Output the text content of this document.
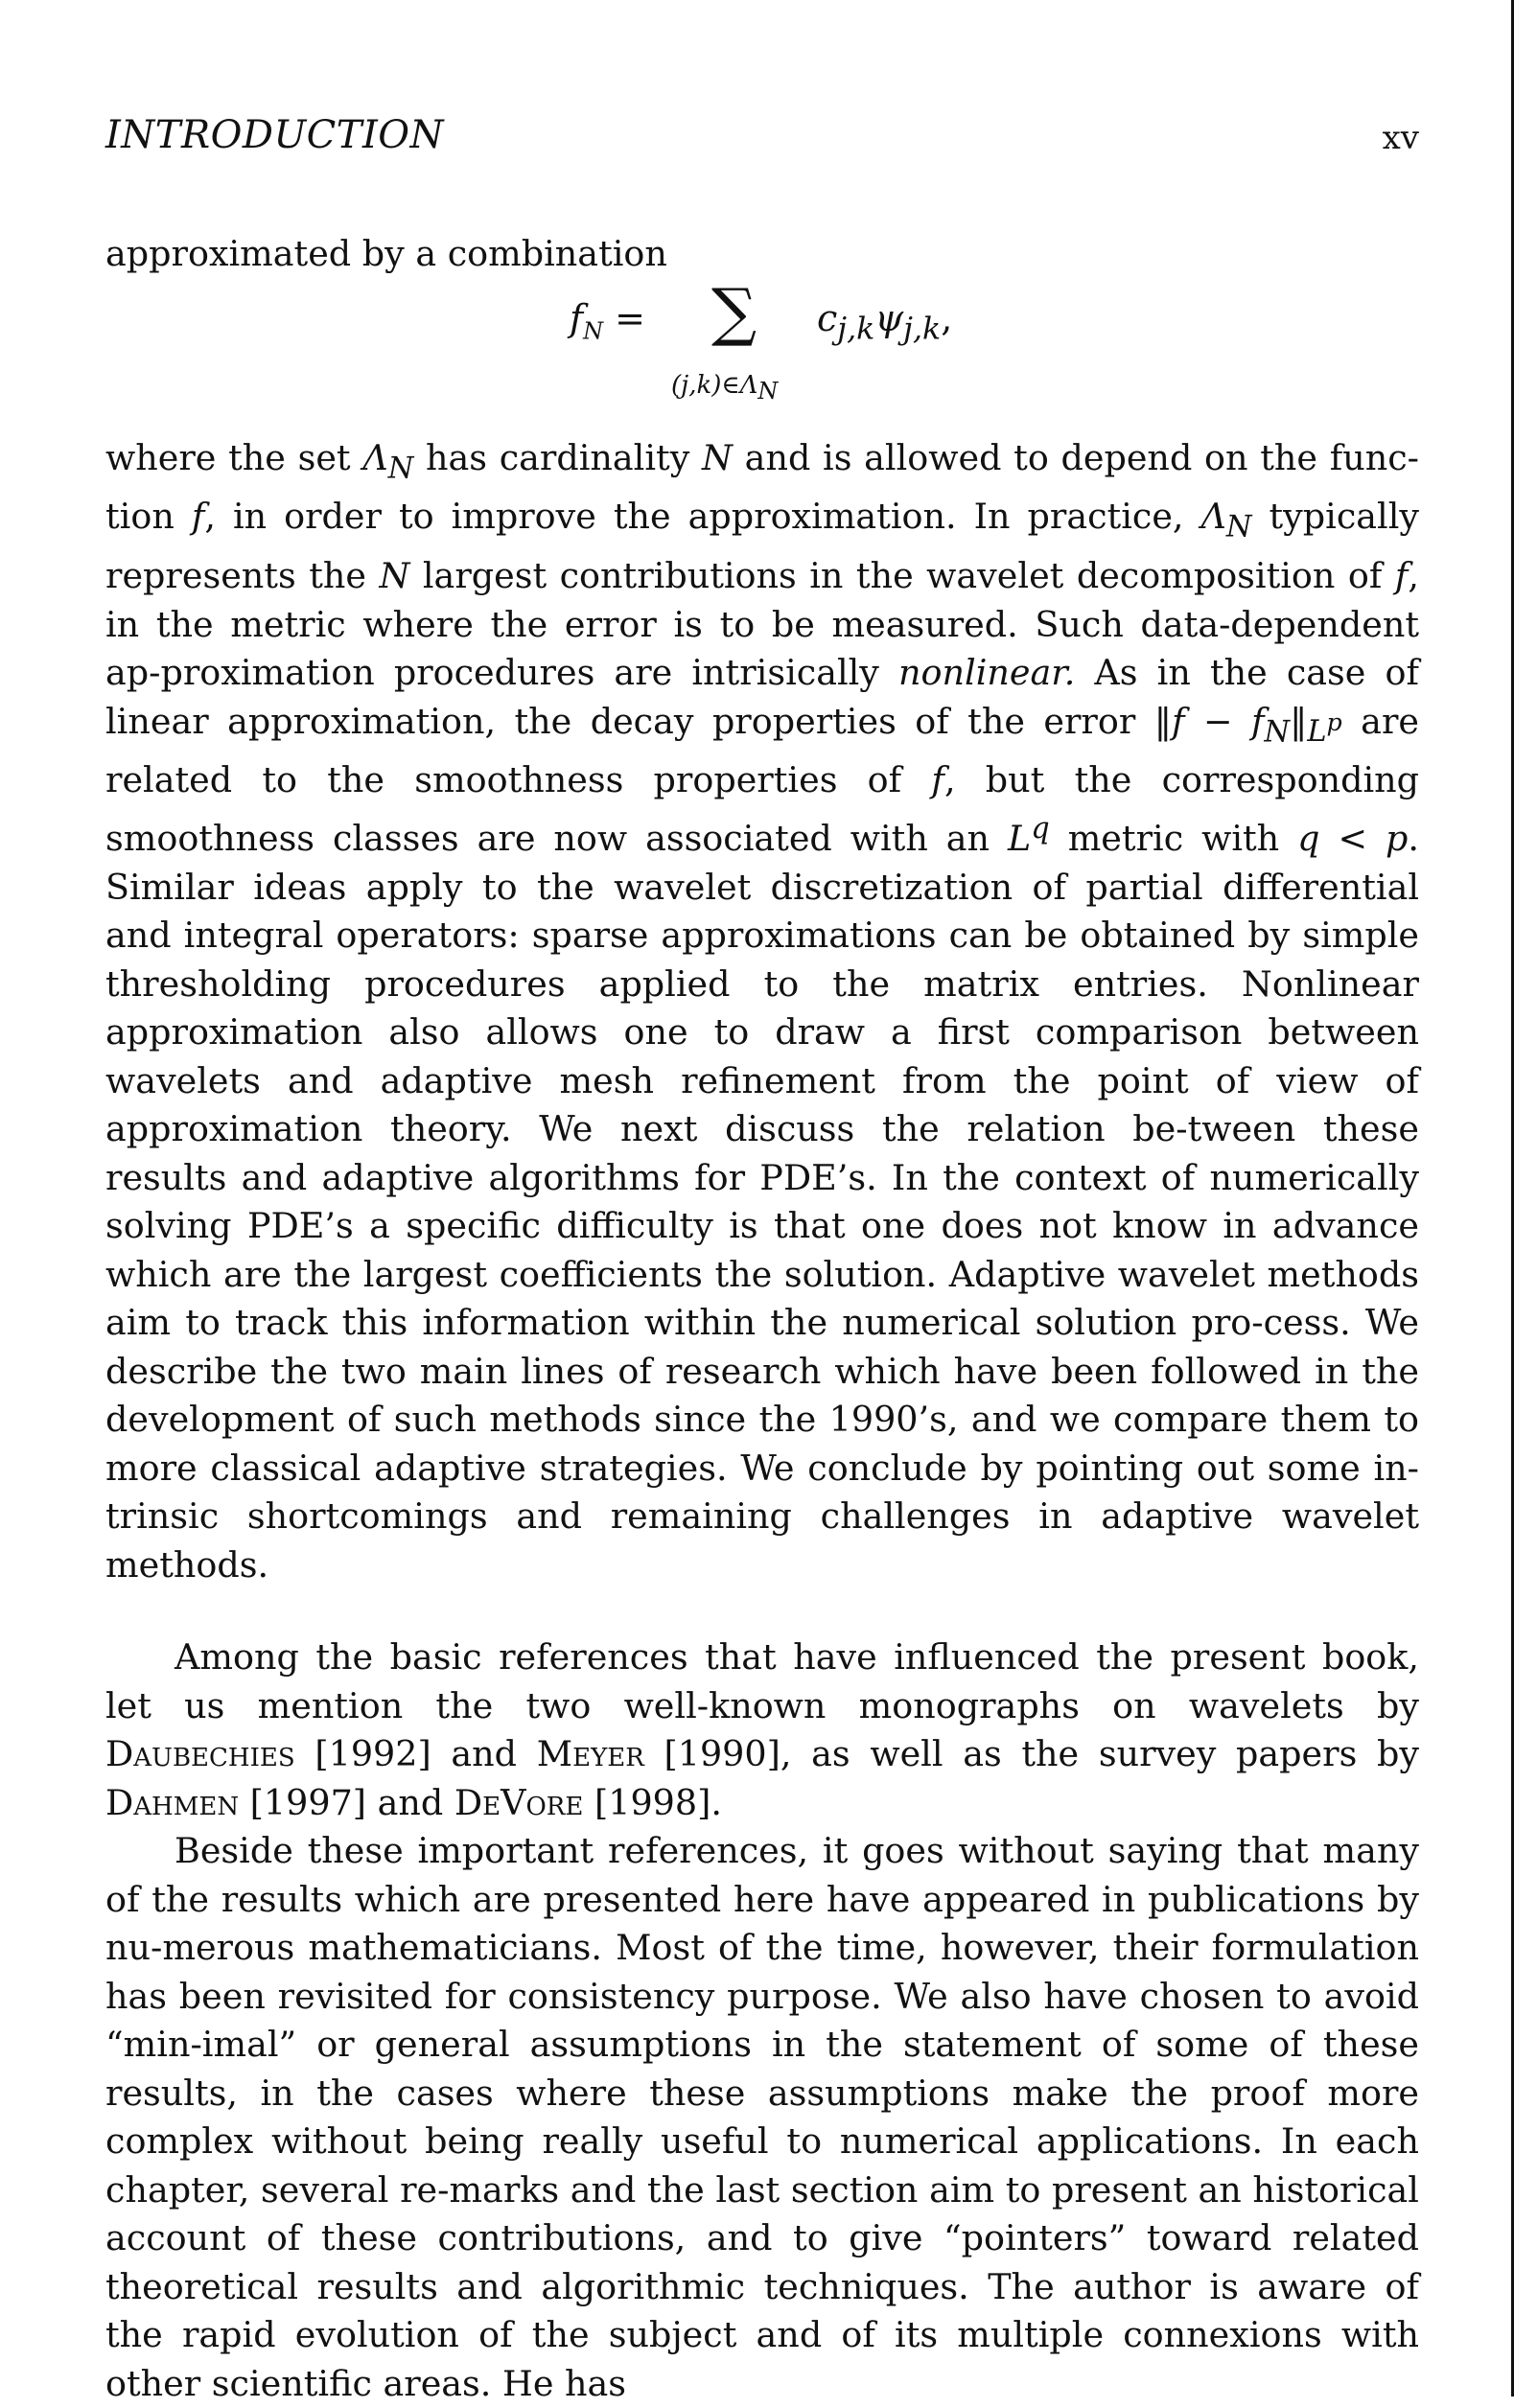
INTRODUCTION	xv

approximated by a combination

$f_N$ = ∑
$(j,k)\in\Lambda_N$
$c_{j,k}\psi_{j,k}$,

where the set $\Lambda_N$ has cardinality N and is allowed to depend on the func-tion f, in order to improve the approximation. In practice, $\Lambda_N$ typically represents the N largest contributions in the wavelet decomposition of f, in the metric where the error is to be measured. Such data-dependent ap-proximation procedures are intrisically nonlinear. As in the case of linear approximation, the decay properties of the error ‖f − $f_N‖_{L^p}$ are related to the smoothness properties of f, but the corresponding smoothness classes are now associated with an $L^q$ metric with q < p. Similar ideas apply to the wavelet discretization of partial differential and integral operators: sparse approximations can be obtained by simple thresholding procedures applied to the matrix entries. Nonlinear approximation also allows one to draw a first comparison between wavelets and adaptive mesh refinement from the point of view of approximation theory. We next discuss the relation be-tween these results and adaptive algorithms for PDE’s. In the context of numerically solving PDE’s a specific difficulty is that one does not know in advance which are the largest coefficients the solution. Adaptive wavelet methods aim to track this information within the numerical solution pro-cess. We describe the two main lines of research which have been followed in the development of such methods since the 1990’s, and we compare them to more classical adaptive strategies. We conclude by pointing out some in-trinsic shortcomings and remaining challenges in adaptive wavelet methods.

Among the basic references that have influenced the present book, let us mention the two well-known monographs on wavelets by Daubechies [1992] and Meyer [1990], as well as the survey papers by Dahmen [1997] and DeVore [1998].

Beside these important references, it goes without saying that many of the results which are presented here have appeared in publications by nu-merous mathematicians. Most of the time, however, their formulation has been revisited for consistency purpose. We also have chosen to avoid “min-imal” or general assumptions in the statement of some of these results, in the cases where these assumptions make the proof more complex without being really useful to numerical applications. In each chapter, several re-marks and the last section aim to present an historical account of these contributions, and to give “pointers” toward related theoretical results and algorithmic techniques. The author is aware of the rapid evolution of the subject and of its multiple connexions with other scientific areas. He has
